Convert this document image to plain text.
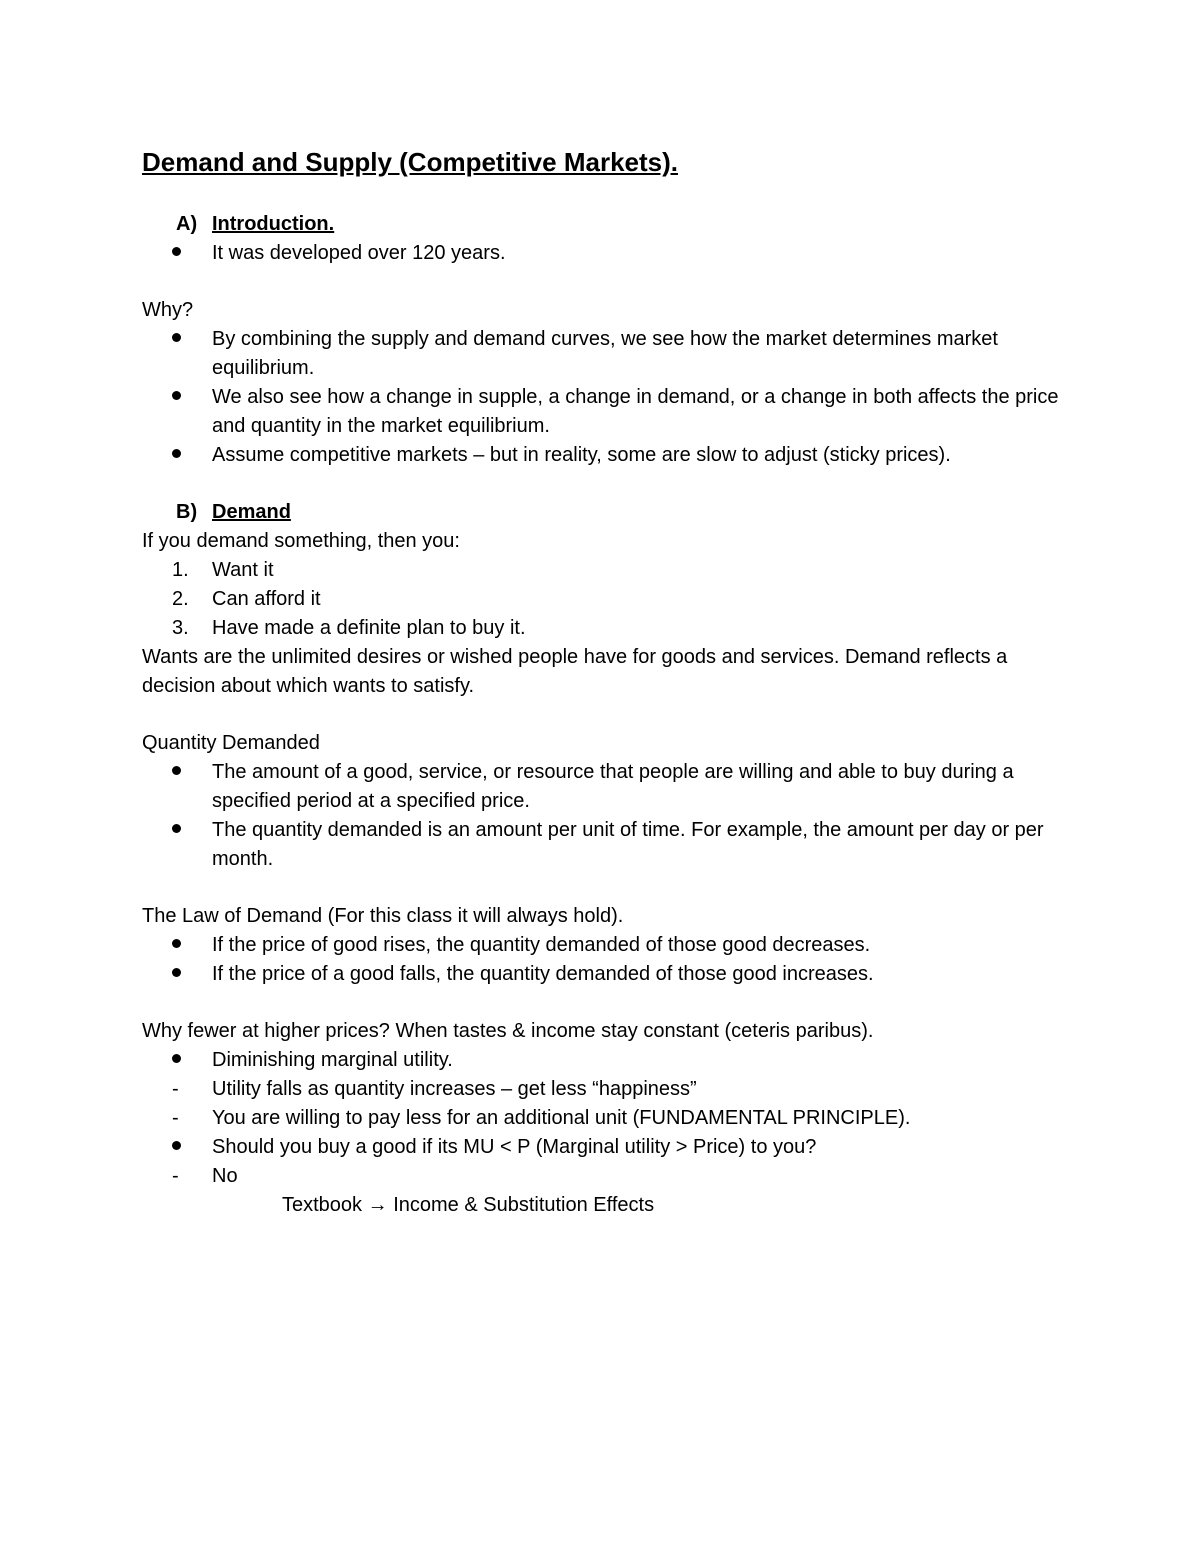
Demand and Supply (Competitive Markets).

A) Introduction.

It was developed over 120 years.

Why?

By combining the supply and demand curves, we see how the market determines market equilibrium.
We also see how a change in supple, a change in demand, or a change in both affects the price and quantity in the market equilibrium.
Assume competitive markets – but in reality, some are slow to adjust (sticky prices).

B) Demand

If you demand something, then you:

1.	Want it
2.	Can afford it
3.	Have made a definite plan to buy it.

Wants are the unlimited desires or wished people have for goods and services. Demand reflects a decision about which wants to satisfy.

Quantity Demanded

The amount of a good, service, or resource that people are willing and able to buy during a specified period at a specified price.
The quantity demanded is an amount per unit of time. For example, the amount per day or per month.

The Law of Demand (For this class it will always hold).

If the price of good rises, the quantity demanded of those good decreases.
If the price of a good falls, the quantity demanded of those good increases.

Why fewer at higher prices? When tastes & income stay constant (ceteris paribus).

Diminishing marginal utility.
-	Utility falls as quantity increases – get less “happiness”
-	You are willing to pay less for an additional unit (FUNDAMENTAL PRINCIPLE).
Should you buy a good if its MU < P (Marginal utility > Price) to you?
-	No

Textbook → Income & Substitution Effects
